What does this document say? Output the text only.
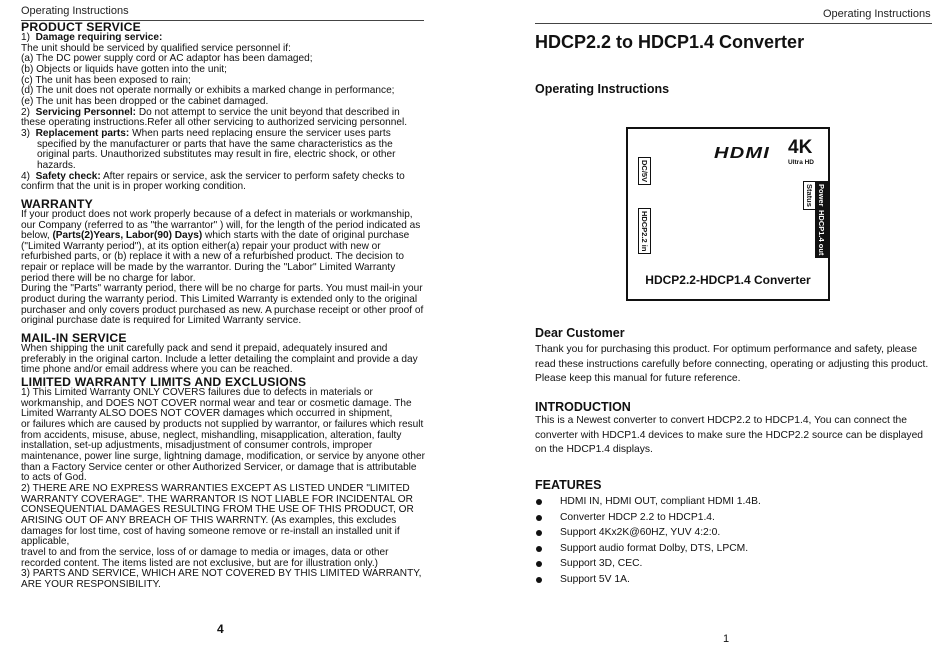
Operating Instructions
PRODUCT SERVICE

1) Damage requiring service:

The unit should be serviced by qualified service personnel if:

(a) The DC power supply cord or AC adaptor has been damaged;

(b) Objects or liquids have gotten into the unit;

(c) The unit has been exposed to rain;

(d) The unit does not operate normally or exhibits a marked change in performance;

(e) The unit has been dropped or the cabinet damaged.

2) Servicing Personnel: Do not attempt to service the unit beyond that described in these operating instructions.Refer all other servicing to authorized servicing personnel.

3) Replacement parts: When parts need replacing ensure the servicer uses parts specified by the manufacturer or parts that have the same characteristics as the original parts. Unauthorized substitutes may result in fire, electric shock, or other hazards.

4) Safety check: After repairs or service, ask the servicer to perform safety checks to confirm that the unit is in proper working condition.

WARRANTY

If your product does not work properly because of a defect in materials or workmanship, our Company (referred to as "the warrantor" ) will, for the length of the period indicated as below, (Parts(2)Years, Labor(90) Days) which starts with the date of original purchase ("Limited Warranty period"), at its option either(a) repair your product with new or refurbished parts, or (b) replace it with a new of a refurbished product. The decision to repair or replace will be made by the warrantor. During the "Labor" Limited Warranty period there will be no charge for labor.

During the "Parts" warranty period, there will be no charge for parts. You must mail-in your product during the warranty period. This Limited Warranty is extended only to the original purchaser and only covers product purchased as new. A purchase receipt or other proof of original purchase date is required for Limited Warranty service.

MAIL-IN SERVICE

When shipping the unit carefully pack and send it prepaid, adequately insured and preferably in the original carton. Include a letter detailing the complaint and provide a day time phone and/or email address where you can be reached.

LIMITED WARRANTY LIMITS AND EXCLUSIONS

1) This Limited Warranty ONLY COVERS failures due to defects in materials or workmanship, and DOES NOT COVER normal wear and tear or cosmetic damage. The Limited Warranty ALSO DOES NOT COVER damages which occurred in shipment,

or failures which are caused by products not supplied by warrantor, or failures which result from accidents, misuse, abuse, neglect, mishandling, misapplication, alteration, faulty installation, set-up adjustments, misadjustment of consumer controls, improper maintenance, power line surge, lightning damage, modification, or service by anyone other than a Factory Service center or other Authorized Servicer, or damage that is attributable to acts of God.

2) THERE ARE NO EXPRESS WARRANTIES EXCEPT AS LISTED UNDER "LIMITED WARRANTY COVERAGE". THE WARRANTOR IS NOT LIABLE FOR INCIDENTAL OR CONSEQUENTIAL DAMAGES RESULTING FROM THE USE OF THIS PRODUCT, OR ARISING OUT OF ANY BREACH OF THIS WARRNTY. (As examples, this excludes damages for lost time, cost of having someone remove or re-install an installed unit if applicable,

travel to and from the service, loss of or damage to media or images, data or other recorded content. The items listed are not exclusive, but are for illustration only.)

3) PARTS AND SERVICE, WHICH ARE NOT COVERED BY THIS LIMITED WARRANTY, ARE YOUR RESPONSIBILITY.

4
Operating Instructions
HDCP2.2 to HDCP1.4 Converter
Operating Instructions
HDMI 4K
Ultra HD
DC/5V
HDCP2.2 in
Status Power
HDCP1.4 out
HDCP2.2-HDCP1.4 Converter
Dear Customer

Thank you for purchasing this product. For optimum performance and safety, please read these instructions carefully before connecting, operating or adjusting this product. Please keep this manual for future reference.

INTRODUCTION

This is a Newest converter to convert HDCP2.2 to HDCP1.4, You can connect the converter with HDCP1.4 devices to make sure the HDCP2.2 source can be displayed on the HDCP1.4 displays.

FEATURES
HDMI IN, HDMI OUT, compliant HDMI 1.4B.
Converter HDCP 2.2 to HDCP1.4.
Support 4Kx2K@60HZ, YUV 4:2:0.
Support audio format Dolby, DTS, LPCM.
Support 3D, CEC.
Support 5V 1A.
1
